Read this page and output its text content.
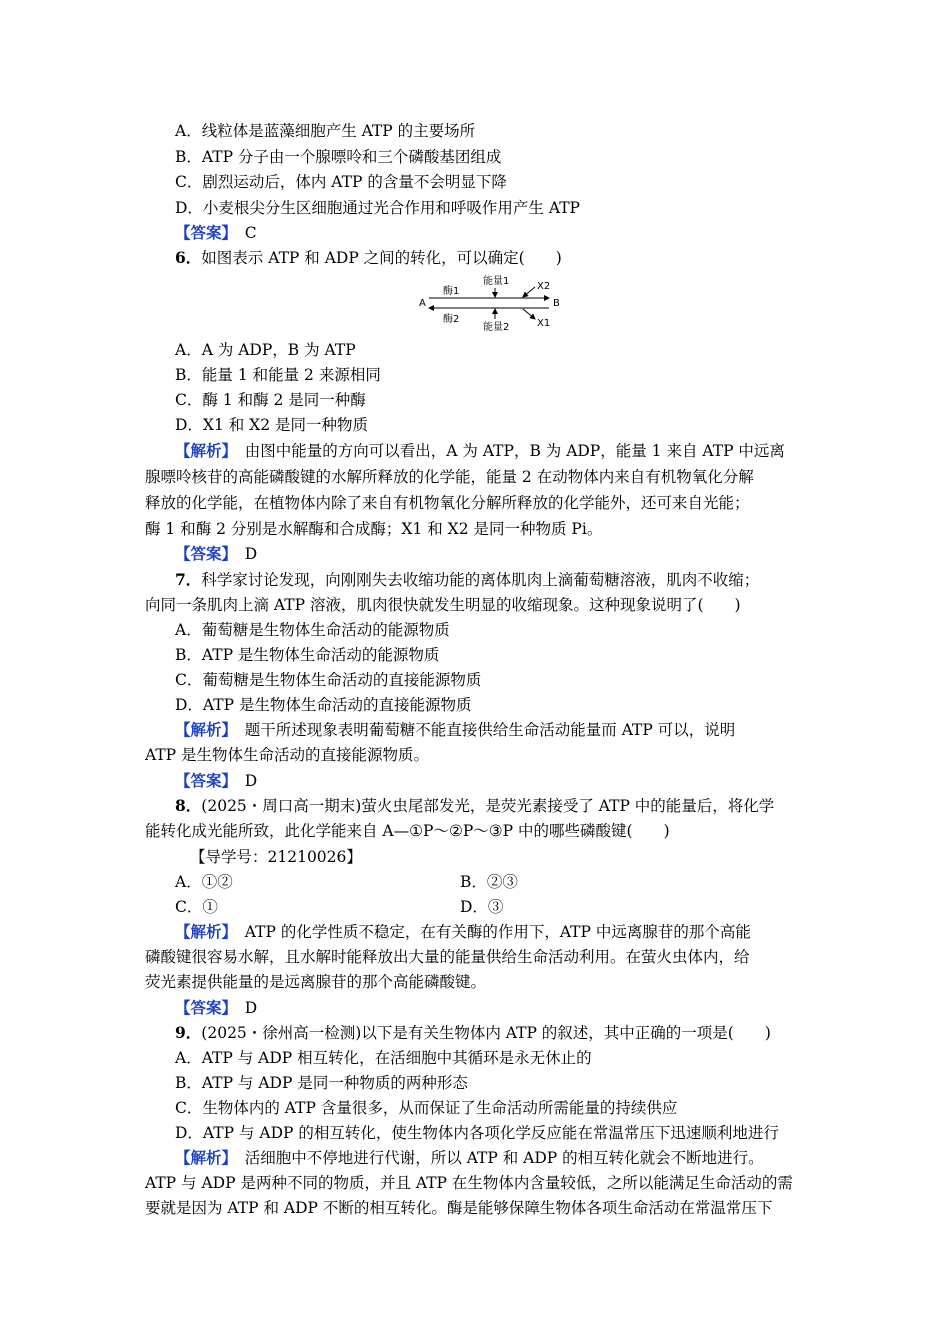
A．线粒体是蓝藻细胞产生 ATP 的主要场所
B．ATP 分子由一个腺嘌呤和三个磷酸基团组成
C．剧烈运动后，体内 ATP 的含量不会明显下降
D．小麦根尖分生区细胞通过光合作用和呼吸作用产生 ATP
【答案】　 C
6．如图表示 ATP 和 ADP 之间的转化，可以确定(　　)
A	B
酶1
酶2
能量1
能量2
X2
X1
A．A 为 ADP，B 为 ATP
B．能量 1 和能量 2 来源相同
C．酶 1 和酶 2 是同一种酶
D．X1 和 X2 是同一种物质
【解析】　 由图中能量的方向可以看出，A 为 ATP，B 为 ADP，能量 1 来自 ATP 中远离
腺嘌呤核苷的高能磷酸键的水解所释放的化学能，能量 2 在动物体内来自有机物氧化分解
释放的化学能，在植物体内除了来自有机物氧化分解所释放的化学能外，还可来自光能；
酶 1 和酶 2 分别是水解酶和合成酶；X1 和 X2 是同一种物质 Pi。
【答案】　 D
7．科学家讨论发现，向刚刚失去收缩功能的离体肌肉上滴葡萄糖溶液，肌肉不收缩；
向同一条肌肉上滴 ATP 溶液，肌肉很快就发生明显的收缩现象。这种现象说明了(　　)
A．葡萄糖是生物体生命活动的能源物质
B．ATP 是生物体生命活动的能源物质
C．葡萄糖是生物体生命活动的直接能源物质
D．ATP 是生物体生命活动的直接能源物质
【解析】　 题干所述现象表明葡萄糖不能直接供给生命活动能量而 ATP 可以，说明
ATP 是生物体生命活动的直接能源物质。
【答案】　 D
8．(2025・周口高一期末)萤火虫尾部发光，是荧光素接受了 ATP 中的能量后，将化学
能转化成光能所致，此化学能来自 A—①P～②P～③P 中的哪些磷酸键(　　)
【导学号：21210026】
A．①②	B．②③
C．①	D．③
【解析】　 ATP 的化学性质不稳定，在有关酶的作用下，ATP 中远离腺苷的那个高能
磷酸键很容易水解，且水解时能释放出大量的能量供给生命活动利用。在萤火虫体内，给
荧光素提供能量的是远离腺苷的那个高能磷酸键。
【答案】　 D
9．(2025・徐州高一检测)以下是有关生物体内 ATP 的叙述，其中正确的一项是(　　)
A．ATP 与 ADP 相互转化，在活细胞中其循环是永无休止的
B．ATP 与 ADP 是同一种物质的两种形态
C．生物体内的 ATP 含量很多，从而保证了生命活动所需能量的持续供应
D．ATP 与 ADP 的相互转化，使生物体内各项化学反应能在常温常压下迅速顺利地进行
【解析】　 活细胞中不停地进行代谢，所以 ATP 和 ADP 的相互转化就会不断地进行。
ATP 与 ADP 是两种不同的物质，并且 ATP 在生物体内含量较低，之所以能满足生命活动的需
要就是因为 ATP 和 ADP 不断的相互转化。酶是能够保障生物体各项生命活动在常温常压下
